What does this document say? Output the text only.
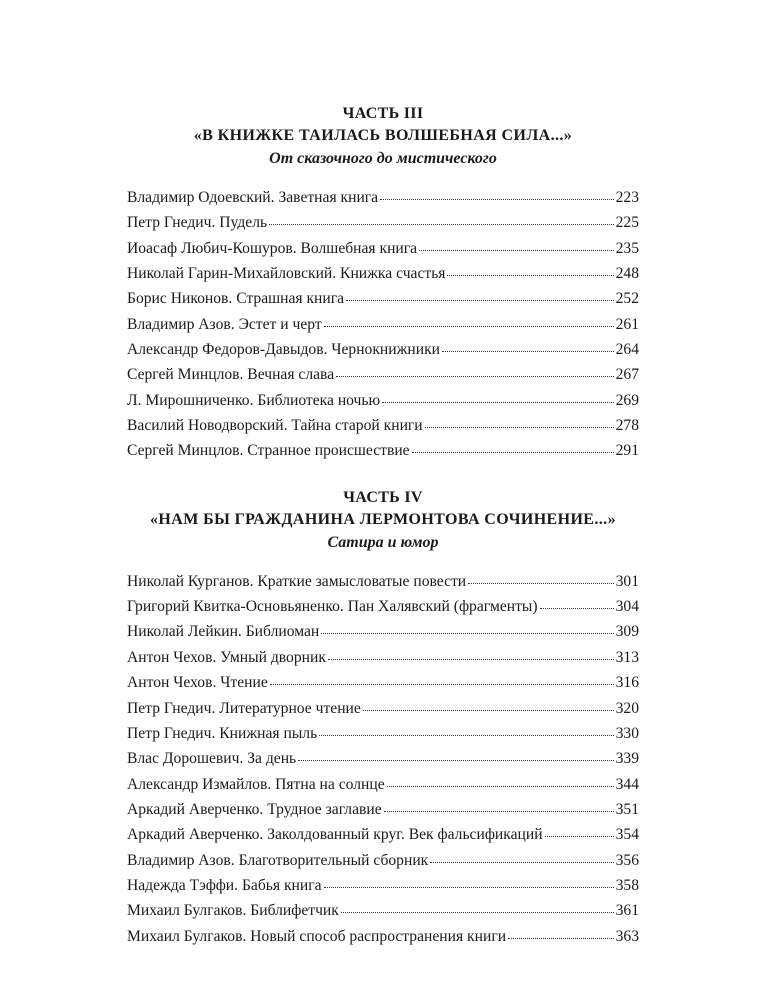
ЧАСТЬ III
«В КНИЖКЕ ТАИЛАСЬ ВОЛШЕБНАЯ СИЛА...»
От сказочного до мистического
Владимир Одоевский. Заветная книга	223
Петр Гнедич. Пудель	225
Иоасаф Любич-Кошуров. Волшебная книга	235
Николай Гарин-Михайловский. Книжка счастья	248
Борис Никонов. Страшная книга	252
Владимир Азов. Эстет и черт	261
Александр Федоров-Давыдов. Чернокнижники	264
Сергей Минцлов. Вечная слава	267
Л. Мирошниченко. Библиотека ночью	269
Василий Новодворский. Тайна старой книги	278
Сергей Минцлов. Странное происшествие	291
ЧАСТЬ IV
«НАМ БЫ ГРАЖДАНИНА ЛЕРМОНТОВА СОЧИНЕНИЕ...»
Сатира и юмор
Николай Курганов. Краткие замысловатые повести	301
Григорий Квитка-Основьяненко. Пан Халявский (фрагменты)	304
Николай Лейкин. Библиоман	309
Антон Чехов. Умный дворник	313
Антон Чехов. Чтение	316
Петр Гнедич. Литературное чтение	320
Петр Гнедич. Книжная пыль	330
Влас Дорошевич. За день	339
Александр Измайлов. Пятна на солнце	344
Аркадий Аверченко. Трудное заглавие	351
Аркадий Аверченко. Заколдованный круг. Век фальсификаций	354
Владимир Азов. Благотворительный сборник	356
Надежда Тэффи. Бабья книга	358
Михаил Булгаков. Библифетчик	361
Михаил Булгаков. Новый способ распространения книги	363
